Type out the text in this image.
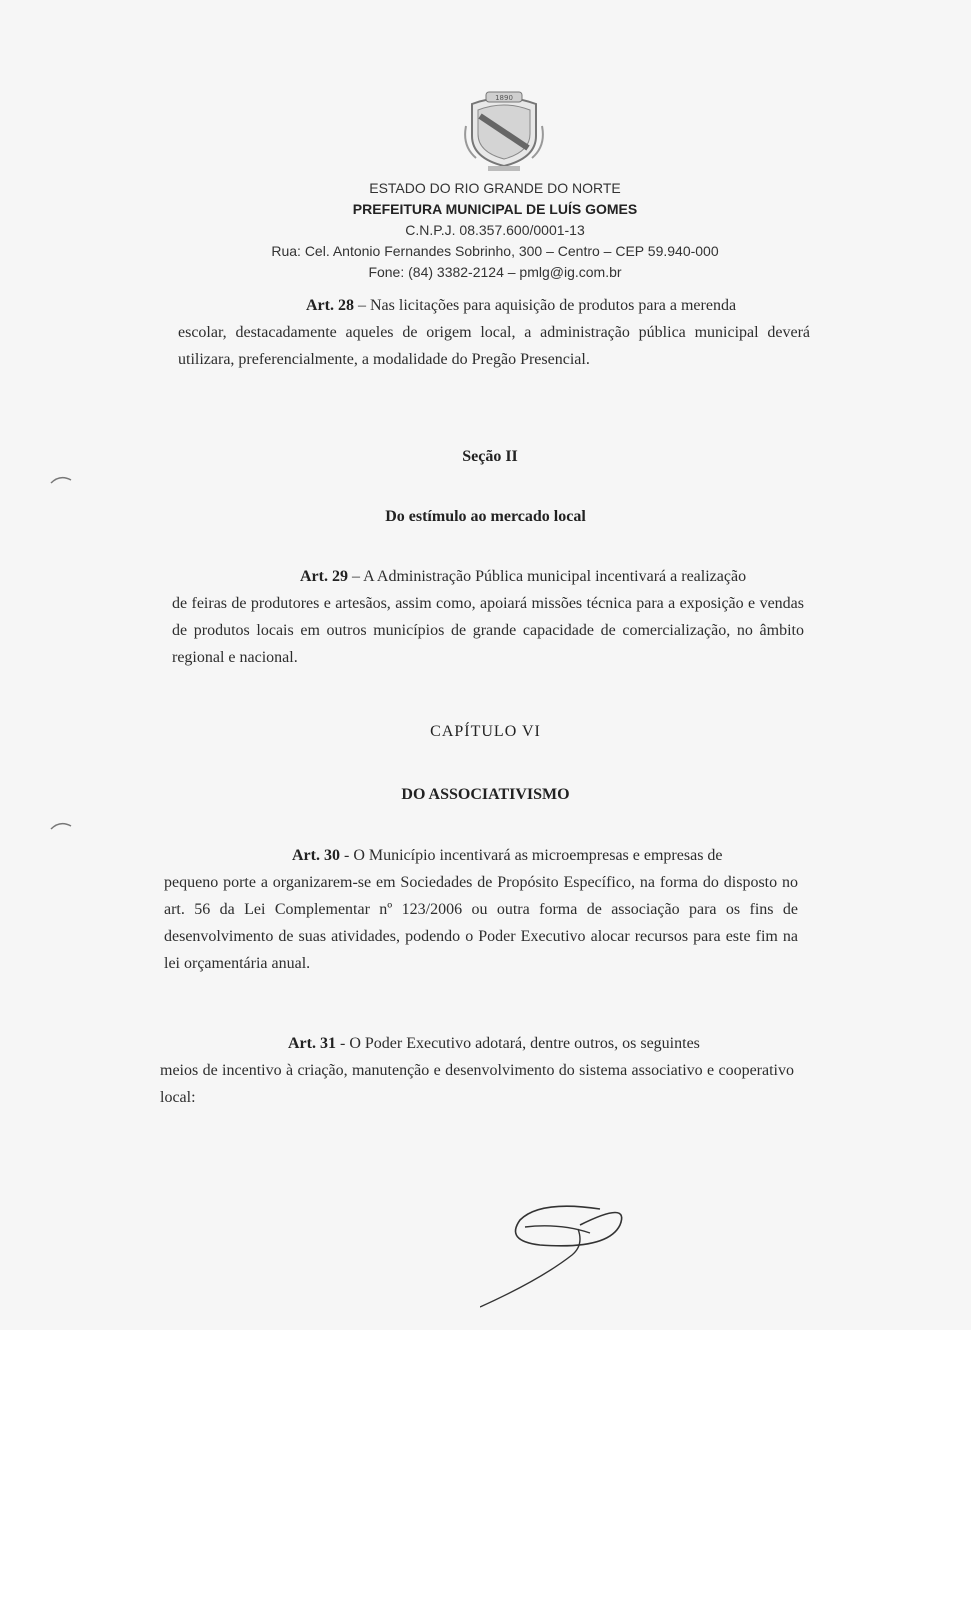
1890
ESTADO DO RIO GRANDE DO NORTE
PREFEITURA MUNICIPAL DE LUÍS GOMES
C.N.P.J. 08.357.600/0001-13
Rua: Cel. Antonio Fernandes Sobrinho, 300 – Centro – CEP 59.940-000
Fone: (84) 3382-2124 – pmlg@ig.com.br
Art. 28 – Nas licitações para aquisição de produtos para a merenda
escolar, destacadamente aqueles de origem local, a administração pública municipal deverá utilizara, preferencialmente, a modalidade do Pregão Presencial.
Seção II
Do estímulo ao mercado local
Art. 29 – A Administração Pública municipal incentivará a realização
de feiras de produtores e artesãos, assim como, apoiará missões técnica para a exposição e vendas de produtos locais em outros municípios de grande capacidade de comercialização, no âmbito regional e nacional.
CAPÍTULO VI
DO ASSOCIATIVISMO
Art. 30 - O Município incentivará as microempresas e empresas de
pequeno porte a organizarem-se em Sociedades de Propósito Específico, na forma do disposto no art. 56 da Lei Complementar nº 123/2006 ou outra forma de associação para os fins de desenvolvimento de suas atividades, podendo o Poder Executivo alocar recursos para este fim na lei orçamentária anual.
Art. 31 - O Poder Executivo adotará, dentre outros, os seguintes
meios de incentivo à criação, manutenção e desenvolvimento do sistema associativo e cooperativo local:
